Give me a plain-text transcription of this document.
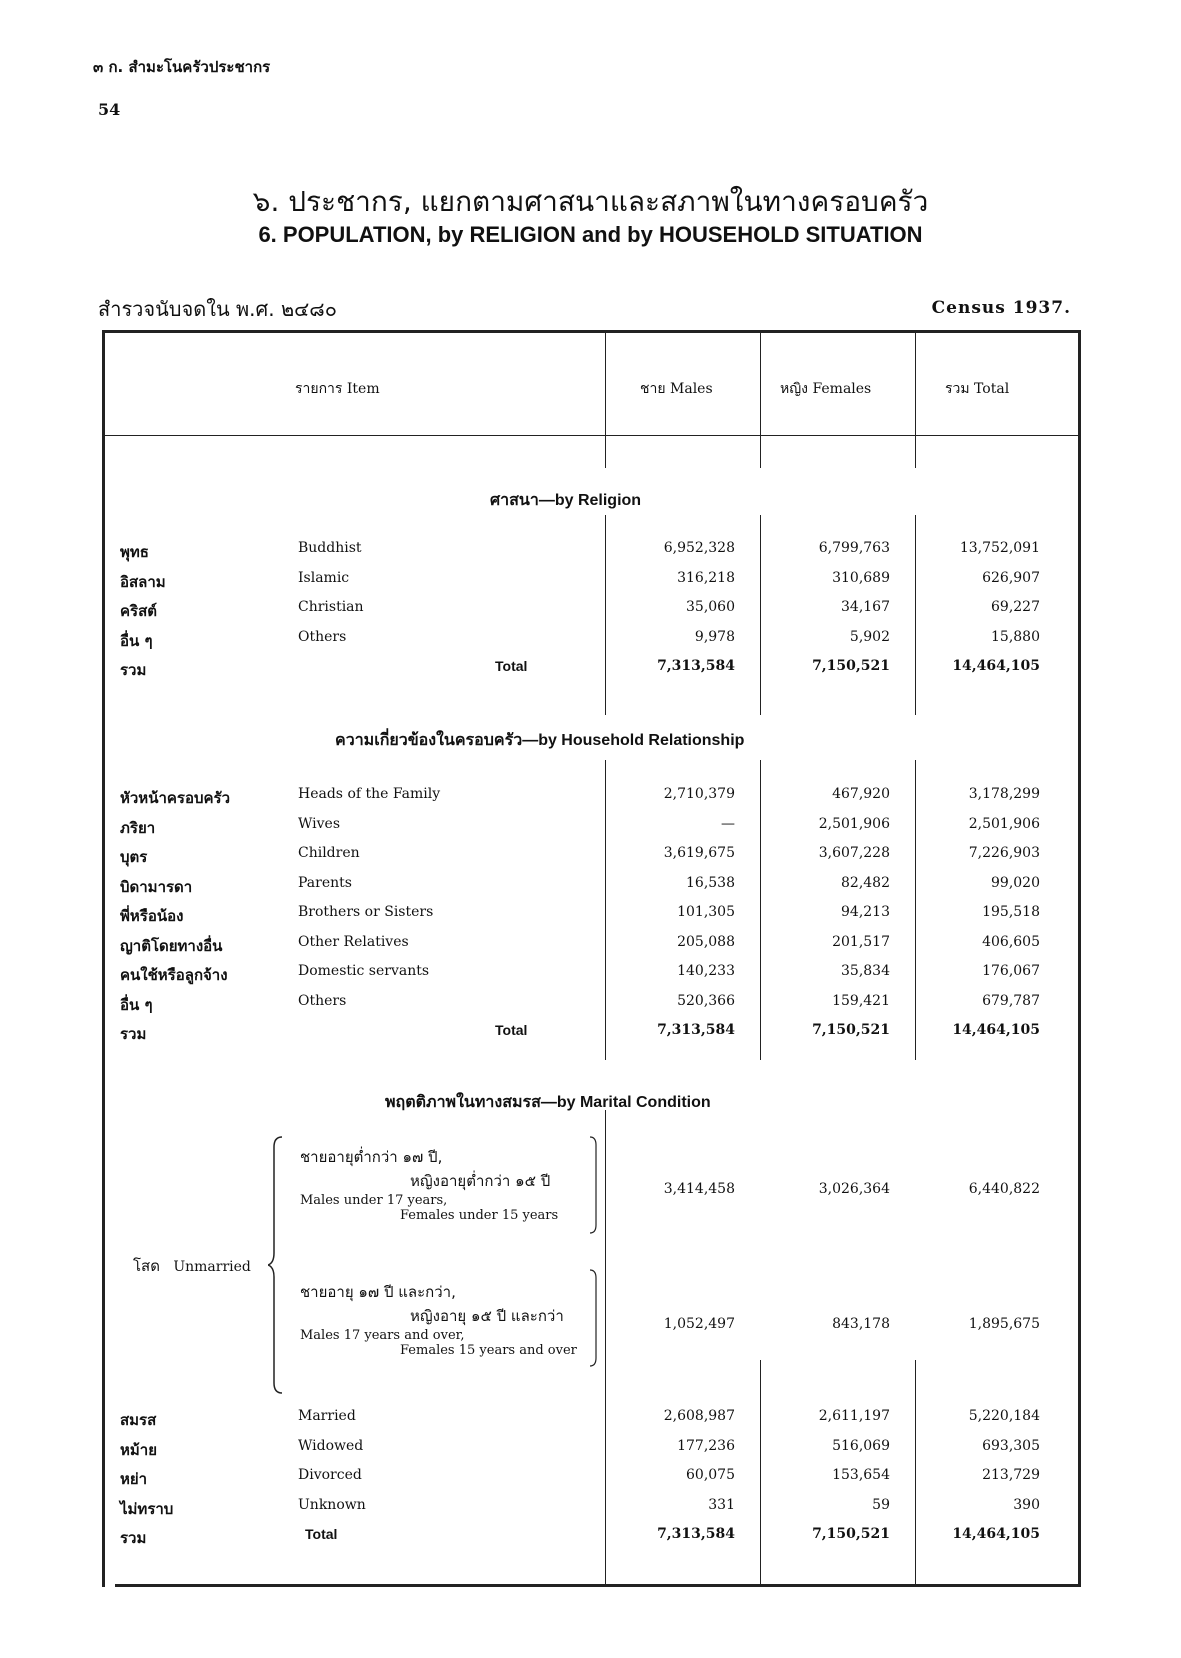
๓ ก. สำมะโนครัวประชากร
54
๖. ประชากร, แยกตามศาสนาและสภาพในทางครอบครัว
6. POPULATION, by RELIGION and by HOUSEHOLD SITUATION
สำรวจนับจดใน พ.ศ. ๒๔๘๐	Census 1937.
รายการ Item	ชาย Males	หญิง Females	รวม Total
ศาสนา—by Religion
พุทธ	Buddhist	6,952,328	6,799,763	13,752,091
อิสลาม	Islamic	316,218	310,689	626,907
คริสต์	Christian	35,060	34,167	69,227
อื่น ๆ	Others	9,978	5,902	15,880
รวม	Total	7,313,584	7,150,521	14,464,105
ความเกี่ยวข้องในครอบครัว—by Household Relationship
หัวหน้าครอบครัว	Heads of the Family	2,710,379	467,920	3,178,299
ภริยา	Wives	—	2,501,906	2,501,906
บุตร	Children	3,619,675	3,607,228	7,226,903
บิดามารดา	Parents	16,538	82,482	99,020
พี่หรือน้อง	Brothers or Sisters	101,305	94,213	195,518
ญาติโดยทางอื่น	Other Relatives	205,088	201,517	406,605
คนใช้หรือลูกจ้าง	Domestic servants	140,233	35,834	176,067
อื่น ๆ	Others	520,366	159,421	679,787
รวม	Total	7,313,584	7,150,521	14,464,105
พฤตติภาพในทางสมรส—by Marital Condition
โสด Unmarried
ชายอายุต่ำกว่า ๑๗ ปี,
หญิงอายุต่ำกว่า ๑๕ ปี
Males under 17 years,
Females under 15 years
3,414,458	3,026,364	6,440,822
ชายอายุ ๑๗ ปี และกว่า,
หญิงอายุ ๑๕ ปี และกว่า
Males 17 years and over,
Females 15 years and over
1,052,497	843,178	1,895,675
สมรส	Married	2,608,987	2,611,197	5,220,184
หม้าย	Widowed	177,236	516,069	693,305
หย่า	Divorced	60,075	153,654	213,729
ไม่ทราบ	Unknown	331	59	390
รวม	Total	7,313,584	7,150,521	14,464,105
